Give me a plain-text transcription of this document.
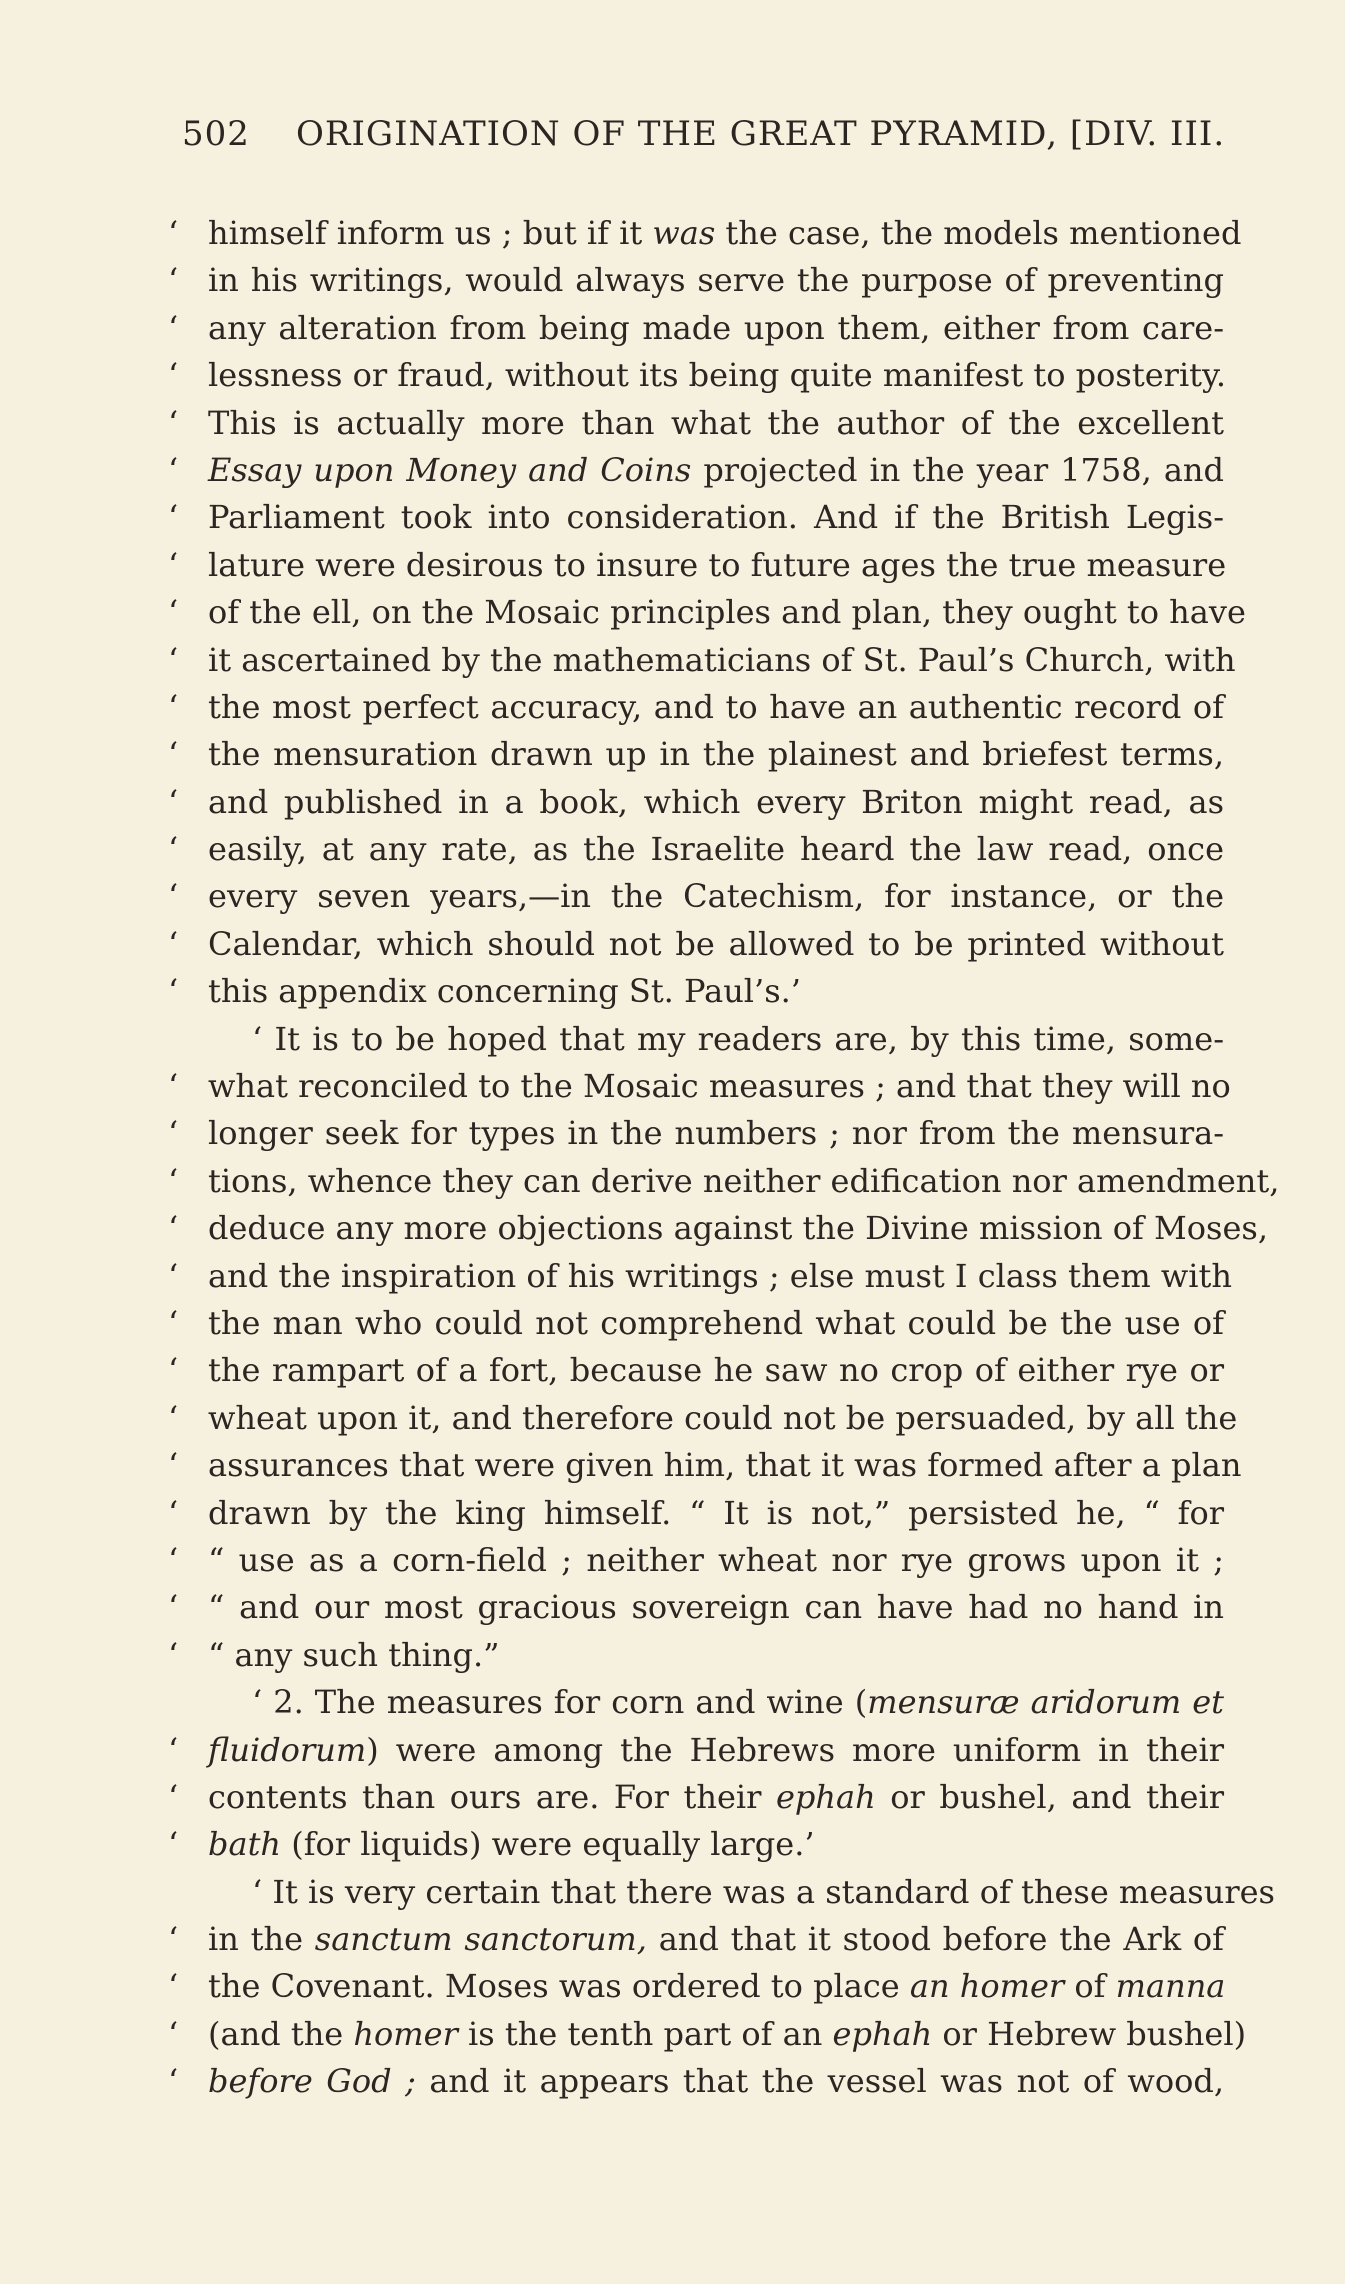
502 ORIGINATION OF THE GREAT PYRAMID, [DIV. III.
‘ himself inform us ; but if it was the case, the models mentioned
‘ in his writings, would always serve the purpose of preventing
‘ any alteration from being made upon them, either from care-
‘ lessness or fraud, without its being quite manifest to posterity.
‘ This is actually more than what the author of the excellent
‘ Essay upon Money and Coins projected in the year 1758, and
‘ Parliament took into consideration. And if the British Legis-
‘ lature were desirous to insure to future ages the true measure
‘ of the ell, on the Mosaic principles and plan, they ought to have
‘ it ascertained by the mathematicians of St. Paul’s Church, with
‘ the most perfect accuracy, and to have an authentic record of
‘ the mensuration drawn up in the plainest and briefest terms,
‘ and published in a book, which every Briton might read, as
‘ easily, at any rate, as the Israelite heard the law read, once
‘ every seven years,—in the Catechism, for instance, or the
‘ Calendar, which should not be allowed to be printed without
‘ this appendix concerning St. Paul’s.’
‘ It is to be hoped that my readers are, by this time, some-
‘ what reconciled to the Mosaic measures ; and that they will no
‘ longer seek for types in the numbers ; nor from the mensura-
‘ tions, whence they can derive neither edification nor amendment,
‘ deduce any more objections against the Divine mission of Moses,
‘ and the inspiration of his writings ; else must I class them with
‘ the man who could not comprehend what could be the use of
‘ the rampart of a fort, because he saw no crop of either rye or
‘ wheat upon it, and therefore could not be persuaded, by all the
‘ assurances that were given him, that it was formed after a plan
‘ drawn by the king himself. “ It is not,” persisted he, “ for
‘ “ use as a corn-field ; neither wheat nor rye grows upon it ;
‘ “ and our most gracious sovereign can have had no hand in
‘ “ any such thing.”
‘ 2. The measures for corn and wine (mensuræ aridorum et
‘ fluidorum) were among the Hebrews more uniform in their
‘ contents than ours are. For their ephah or bushel, and their
‘ bath (for liquids) were equally large.’
‘ It is very certain that there was a standard of these measures
‘ in the sanctum sanctorum, and that it stood before the Ark of
‘ the Covenant. Moses was ordered to place an homer of manna
‘ (and the homer is the tenth part of an ephah or Hebrew bushel)
‘ before God ; and it appears that the vessel was not of wood,
